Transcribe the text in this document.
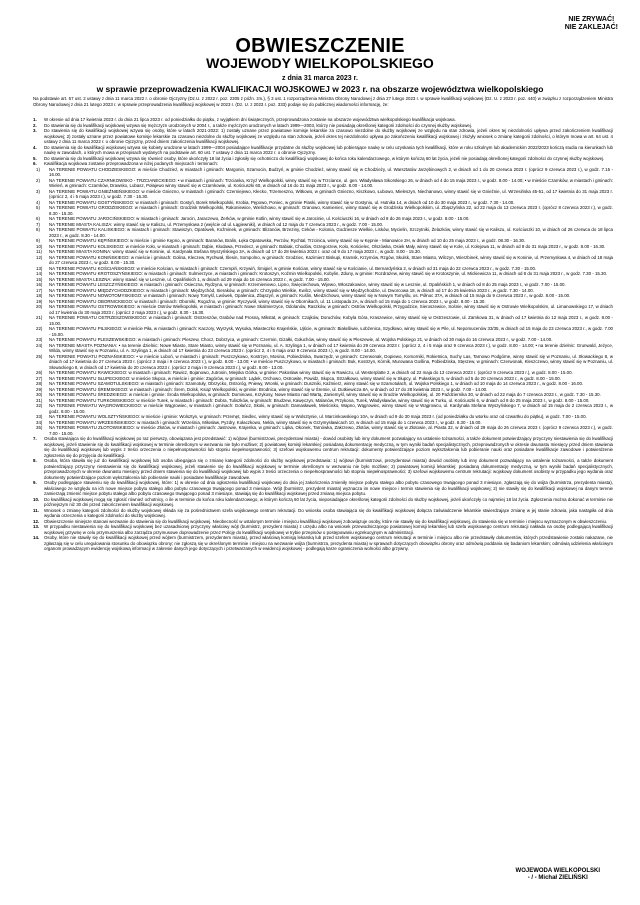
NIE ZRYWAĆ!
NIE ZAKLEJAĆ!
OBWIESZCZENIE
WOJEWODY WIELKOPOLSKIEGO
z dnia 31 marca 2023 r.
w sprawie przeprowadzenia KWALIFIKACJI WOJSKOWEJ w 2023 r. na obszarze województwa wielkopolskiego
Na podstawie art. 57 ust. 2 ustawy z dnia 11 marca 2022 r. o obronie Ojczyzny (Dz.U. z 2022 r. poz. 2305 z późn. zm.), § 3 ust. 1 rozporządzenia Ministra Obrony Narodowej z dnia 27 lutego 2023 r. w sprawie kwalifikacji wojskowej (Dz. U. z 2023 r. poz. 440) w związku z rozporządzeniem Ministra Obrony Narodowej z dnia 21 lutego 2023 r. w sprawie przeprowadzenia kwalifikacji wojskowej w 2023 r. (Dz. U. z 2023 r. poz. 333) podaje się do publicznej wiadomości informację, że:
1.	W okresie od dnia 17 kwietnia 2023 r. do dnia 21 lipca 2023 r. od poniedziałku do piątku, z wyjątkiem dni świątecznych, przeprowadzona zostanie na obszarze województwa wielkopolskiego kwalifikacja wojskowa.
2.	Do stawienia się do kwalifikacji wojskowej wzywa się mężczyzn urodzonych w 2004 r., a także mężczyzn urodzonych w latach 1999—2003, którzy nie posiadają określonej kategorii zdolności do czynnej służby wojskowej.
3.	Do stawienia się do kwalifikacji wojskowej wzywa się osoby, które w latach 2021-2022: 1) zostały uznane przez powiatowe komisje lekarskie za czasowo niezdolne do służby wojskowej ze względu na stan zdrowia, jeżeli okres tej niezdolności upływa przed zakończeniem kwalifikacji wojskowej; 2) zostały uznane przez powiatowe komisje lekarskie za czasowo niezdolne do służby wojskowej ze względu na stan zdrowia, jeżeli okres tej niezdolności upływa po zakończeniu kwalifikacji wojskowej i złożyły wniosek o zmianę kategorii zdolności, o którym mowa w art. 64 ust. 4 ustawy z dnia 11 marca 2022 r. o obronie Ojczyzny, przed dniem zakończenia kwalifikacji wojskowej.
4.	Do stawienia się do kwalifikacji wojskowej wzywa się kobiety urodzone w latach 1999—2004 posiadające kwalifikacje przydatne do służby wojskowej lub pobierające naukę w celu uzyskania tych kwalifikacji, które w roku szkolnym lub akademickim 2022/2023 kończą studia na kierunkach lub naukę w zawodach, o których mowa w przepisach wydanych na podstawie art. 60 ust. 7 ustawy z dnia 11 marca 2022 r. o obronie Ojczyzny.
5.	Do stawienia się do kwalifikacji wojskowej wzywa się również osoby, które ukończyły 18 lat życia i zgłosiły się ochotniczo do kwalifikacji wojskowej do końca roku kalendarzowego, w którym kończą 60 lat życia, jeżeli nie posiadają określonej kategorii zdolności do czynnej służby wojskowej.
6.	Kwalifikacja wojskowa zostanie przeprowadzona w niżej podanych miejscach i terminach:
1)	NA TERENIE POWIATU CHODZIESKIEGO: w mieście Chodzież, w miastach i gminach: Margonin, Szamocin, Budzyń, w gminie Chodzież, winny stawić się w Chodzieży, ul. Warsztatów Jarzębinowych 2, w dniach od 1 do 20 czerwca 2023 r. (oprócz 9 czerwca 2023 r.), w godz. 7.15 - 16.00.
2)	NA TERENIE POWIATU CZARNKOWSKO - TRZCIANECKIEGO: • w miastach i gminach: Trzcianka, Krzyż Wielkopolski, winny stawić się w Trzciance, ul. gen. Władysława Sikorskiego 26, w dniach od 4 do 15 maja 2023 r., w godz. 8.00 - 14.00; • w mieście Czarnków, w miastach i gminach: Wieleń, w gminach: Czarnków, Drawsko, Lubasz, Połajewo winny stawić się w Czarnkowie, ul. Kościuszki 60, w dniach od 16 do 31 maja 2023 r., w godz. 8.00 - 14.00.
3)	NA TERENIE POWIATU GNIEŹNIEŃSKIEGO: w mieście Gniezno, w miastach i gminach: Czerniejewo, Kłecko, Trzemeszno, Witkowo, w gminach Gniezno, Kiszkowo, Łubowo, Mieleszyn, Niechanowo, winny stawić się w Gnieźnie, ul. Wrzesińska 45-51, od 17 kwietnia do 31 maja 2023 r. (oprócz 2, 4 i 5 maja 2023 r.), w godz. 7.30 - 16.30.
4)	NA TERENIE POWIATU GOSTYŃSKIEGO: w miastach i gminach: Gostyń, Borek Wielkopolski, Krobia, Pępowo, Poniec, w gminie Piaski, winny stawić się w Gostyniu, ul. Hutnika 14, w dniach od 10 do 30 maja 2023 r., w godz. 7.30 - 14.00.
5)	NA TERENIE POWIATU GRODZISKIEGO: w miastach i gminach: Grodzisk Wielkopolski, Rakoniewice, Wielichowo, w gminach: Granowo, Kamieniec, winny stawić się w Grodzisku Wielkopolskim, ul. Zbąszyńska 22, od 22 maja do 13 czerwca 2023 r. (oprócz 8 czerwca 2023 r.), w godz. 8.30 - 15.30.
6)	NA TERENIE POWIATU JAROCIŃSKIEGO: w miastach i gminach: Jarocin, Jaraczewo, Żerków, w gminie Kotlin, winny stawić się w Jarocinie, ul. Kościuszki 16, w dniach od 8 do 26 maja 2023 r., w godz. 8.00 - 15.00.
7)	NA TERENIE MIASTA KALISZA: winny stawić się w Kaliszu, ul. Przemysłowa 2 (wejście od ul. Łągiewniki), w dniach od 12 maja do 7 czerwca 2023 r., w godz. 7.00 - 15.00.
8)	NA TERENIE POWIATU KALISKIEGO: w miastach i gminach: Stawiszyn, Opatówek, Koźminek, w gminach: Blizanów, Brzeziny, Ceków - Kolonia, Godziesze Wielkie, Lisków, Mycielin, Szczytniki, Żelazków, winny stawić się w Kaliszu, ul. Kościuszki 10, w dniach od 26 czerwca do 18 lipca 2023 r., w godz. 8.30 - 14.00.
9)	NA TERENIE POWIATU KĘPIŃSKIEGO: w mieście i gminie Kępno, w gminach: Baranów, Bralin, Łęka Opatowska, Perzów, Rychtal, Trzcinica, winny stawić się w Kępnie - Mianowice 2H, w dniach od 10 do 25 maja 2023 r., w godz. 08.30 - 16.30.
10)	NA TERENIE POWIATU KOLSKIEGO: w mieście Koło, w miastach i gminach: Dąbie, Kłodawa, Przedecz, w gminach: Babiak, Chodów, Grzegorzew, Koło, Kościelec, Olszówka, Osiek Mały, winny stawić się w Kole, ul. Kolejowa 11, w dniach od 8 do 31 maja 2023 r., w godz. 8.00 - 16.30.
11)	NA TERENIE MIASTA KONINA: winny stawić się w Koninie, ul. Kardynała Stefana Wyszyńskiego 3A, w dniach od 17 do 28 kwietnia 2023 r. oraz od 9 do 17 maja 2023 r., w godz. 8.00 - 15.30.
12)	NA TERENIE POWIATU KONIŃSKIEGO: w mieście i gminach: Golina, Kleczew, Rychwał, Ślesin, Sompolno, w gminach: Grodziec, Kazimierz Biskupi, Kramsk, Krzymów, Rzgów, Skulsk, Stare Miasto, Wilczyn, Wierzbinek, winny stawić się w Koninie, ul. Przemysłowa 4, w dniach od 18 maja do 27 czerwca 2023 r., w godz. 8.00 - 15.30.
13)	NA TERENIE POWIATU KOŚCIAŃSKIEGO: w mieście Kościan, w miastach i gminach: Czempiń, Krzywiń, Śmigiel, w gminie Kościan, winny stawić się w Kościanie, ul. Bernardyńska 2, w dniach od 31 maja do 22 czerwca 2023 r., w godz. 7.30 - 15.00.
14)	NA TERENIE POWIATU KROTOSZYŃSKIEGO: w miastach i gminach: Sulmierzyce, w miastach i gminach: Krotoszyn, Koźmin Wielkopolski, Kobylin, Zduny, w gminie: Rozdrażew, winny stawić się w Krotoszynie, ul. Mickiewicza 11, w dniach od 8 do 31 maja 2023 r., w godz. 7.30 - 15.30.
15)	NA TERENIE MIASTA LESZNA: winny stawić się w Lesznie, ul. Opalińskich 1, w dniach od 29 maja do 16 czerwca 2023 r., w godz. 7.00 - 15.00.
16)	NA TERENIE POWIATU LESZCZYŃSKIEGO: w miastach i gminach: Osieczna, Rydzyna, w gminach: Krzemieniewo, Lipno, Święciechowa, Wijewo, Włoszakowice, winny stawić się w Lesznie, ul. Opalińskich 1, w dniach od 8 do 25 maja 2023 r., w godz. 7.00 - 15.00.
17)	NA TERENIE POWIATU MIĘDZYCHODZKIEGO: w miastach i gminach: Międzychód, Sieraków, w gminach: Chrzypsko Wielkie, Kwilcz, winny stawić się w Międzychodzie, ul. Dworcowa 18, w dniach od 17 do 25 kwietnia 2023 r., w godz. 7.30 - 14.00.
18)	NA TERENIE POWIATU NOWOTOMYSKIEGO: w miastach i gminach: Nowy Tomyśl, Lwówek, Opalenica, Zbąszyń, w gminach: Kuślin, Miedzichowo, winny stawić się w Nowym Tomyślu, os. Północ 37A, w dniach od 15 maja do 9 czerwca 2023 r., w godz. 8.00 - 15.00.
19)	NA TERENIE POWIATU OBORNICKIEGO: w miastach i gminach: Oborniki, Rogoźno, w gminie: Ryczywół, winny stawić się w Obornikach, ul. 11 Listopada 2A, w dniach od 15 maja do 1 czerwca 2023 r., w godz. 8.00 - 15.30.
20)	NA TERENIE POWIATU OSTROWSKIEGO: w mieście Ostrów Wielkopolski, w miastach i gminach: Nowe Skalmierzyce, Odolanów, Raszków, w gminach: Ostrów Wielkopolski, Przygodzice, Sieroszewice, Sośnie, winny stawić się w Ostrowie Wielkopolskim, ul. Limanowskiego 17, w dniach od 17 kwietnia do 30 maja 2023 r. (oprócz 2 maja 2023 r.), w godz. 8.30 - 16.30.
21)	NA TERENIE POWIATU OSTRZESZOWSKIEGO: w miastach i gminach: Ostrzeszów, Grabów nad Prosną, Mikstat, w gminach: Czajków, Doruchów, Kobyla Góra, Kraszewice, winny stawić się w Ostrzeszowie, ul. Zamkowa 31, w dniach od 17 kwietnia do 12 maja 2023 r., w godz. 8.00 - 15.00.
22)	NA TERENIE POWIATU PILSKIEGO: w mieście Piła, w miastach i gminach: Kaczory, Wyrzysk, Wysoka, Miasteczko Krajeńskie, Ujście, w gminach: Białośliwie, Łobżenica, Szydłowo, winny stawić się w Pile, ul. Nepomucenów 33/35, w dniach od 15 maja do 23 czerwca 2023 r., w godz. 7.00 - 15.00.
23)	NA TERENIE POWIATU PLESZEWSKIEGO: w miastach i gminach: Pleszew, Chocz, Dobrzyca, w gminach: Czermin, Gizałki, Gołuchów, winny stawić się w Pleszewie, al. Wojska Polskiego 21, w dniach od 30 maja do 16 czerwca 2023 r., w godz. 7.00 - 14.00.
24)	NA TERENIE MIASTA POZNANIA: • na terenie dzielnic: Nowe Miasto, Stare Miasto, winny stawić się w Poznaniu, ul. A. Szylinga 1, w dniach od 17 kwietnia do 29 czerwca 2023 r. (oprócz 2, 4 i 5 maja oraz 9 czerwca 2023 r.), w godz. 8.00 - 14.00; • na terenie dzielnic: Grunwald, Jeżyce, Wilda, winny stawić się w Poznaniu, ul. A. Szylinga 1, w dniach od 17 kwietnia do 23 czerwca 2023 r. (oprócz 2, 4 i 5 maja oraz 9 czerwca 2023 r.), w godz. 8.00 - 14.00.
25)	NA TERENIE POWIATU POZNAŃSKIEGO: • w mieście Luboń, w miastach i gminach: Puszczykowo, Kostrzyn, Mosina, Pobiedziska, Swarzędz, w gminach: Czerwonak, Dopiewo, Komorniki, Rokietnica, Suchy Las, Tarnowo Podgórne, winny stawić się w Poznaniu, ul. Słowackiego 8, w dniach od 17 kwietnia do 27 czerwca 2023 r. (oprócz 2 maja i 9 czerwca 2023 r.), w godz. 8.00 - 13.00; • w mieście Puszczykowo, w miastach i gminach: Buk, Kostrzyn, Kórnik, Murowana Goślina, Pobiedziska, Stęszew, w gminach: Czerwonak, Kleszczewo, winny stawić się w Poznaniu, ul. Słowackiego 8, w dniach od 17 kwietnia do 20 czerwca 2023 r. (oprócz 2 maja i 9 czerwca 2023 r.), w godz. 8.00 - 13.00.
26)	NA TERENIE POWIATU RAWICKIEGO: w miastach i gminach: Rawicz, Bojanowo, Jutrosin, Miejska Górka, w gminie: Pakosław winny stawić się w Rawiczu, ul. Westerplatte 2, w dniach od 22 maja do 13 czerwca 2023 r. (oprócz 9 czerwca 2023 r.), w godz. 8.00 - 15.00.
27)	NA TERENIE POWIATU SŁUPECKIEGO: w mieście Słupca, w mieście i gminie: Zagórów, w gminach: Lądek, Orchowo, Ostrowite, Powidz, Słupca, Strzałkowo, winny stawić się w Słupcy, ul. Pułaskiego 5, w dniach od 5 do 20 czerwca 2023 r., w godz. 8.00 - 15.00.
28)	NA TERENIE POWIATU SZAMOTULSKIEGO: w miastach i gminach: Szamotuły, Obrzycko, Ostroróg, Pniewy, Wronki, w gminach: Duszniki, Kaźmierz, winny stawić się w Szamotułach, ul. Wojska Polskiego 1, w dniach od 10 maja do 14 czerwca 2023 r., w godz. 8.00 - 16.00.
29)	NA TERENIE POWIATU ŚREMSKIEGO: w miastach i gminach: Śrem, Dolsk, Książ Wielkopolski, w gminie: Brodnica, winny stawić się w Śremie, ul. Dutkiewicza 8A, w dniach od 17 do 28 kwietnia 2023 r., w godz. 7.00 - 14.00.
30)	NA TERENIE POWIATU ŚREDZKIEGO: w mieście i gminie: Środa Wielkopolska, w gminach: Dominowo, Krzykosy, Nowe Miasto nad Wartą, Zaniemyśl, winny stawić się w Środzie Wielkopolskiej, ul. 20 Października 30, w dniach od 22 maja do 7 czerwca 2023 r., w godz. 7.30 - 15.30.
31)	NA TERENIE POWIATU TURKOWSKIEGO: w mieście Turek, w miastach i gminach: Dobra, Tuliszków, w gminach: Brudzew, Kawęczyn, Malanów, Przykona, Turek, Władysławów, winny stawić się w Turku, ul. Kościuszki 6, w dniach od 8 do 25 maja 2023 r., w godz. 8.00 - 15.00.
32)	NA TERENIE POWIATU WĄGROWIECKIEGO: w mieście Wągrowiec, w miastach i gminach: Gołańcz, Skoki, w gminach: Damasławek, Mieścisko, Wapno, Wągrowiec, winny stawić się w Wągrowcu, ul. Kardynała Stefana Wyszyńskiego 7, w dniach od 15 maja do 2 czerwca 2023 r., w godz. 8.00 - 15.00.
33)	NA TERENIE POWIATU WOLSZTYŃSKIEGO: w mieście i gminie: Wolsztyn, w gminach: Przemęt, Siedlec, winny stawić się w Wolsztynie, ul. Marcinkowskiego 10A, w dniach od 9 do 30 maja 2023 r. (od poniedziałku do wtorku oraz od czwartku do piątku), w godz. 7.00 - 15.00.
34)	NA TERENIE POWIATU WRZESIŃSKIEGO: w miastach i gminach: Września, Miłosław, Pyzdry, Kołaczkowo, Nekla, winny stawić się w Grzymysławicach 10, w dniach od 15 maja do 1 czerwca 2023 r., w godz. 8.30 - 15.00.
35)	NA TERENIE POWIATU ZŁOTOWSKIEGO: w mieście Złotów, w miastach i gminach: Jastrowie, Krajenka, w gminach: Lipka, Okonek, Tarnówka, Zakrzewo, Złotów, winny stawić się w Złotowie, al. Piasta 32, w dniach od 29 maja do 26 czerwca 2023 r. (oprócz 9 czerwca 2023 r.), w godz. 7.00 - 15.00.
7.	Osoba stawiająca się do kwalifikacji wojskowej po raz pierwszy, obowiązana jest przedstawić: 1) wójtowi (burmistrzowi, prezydentowi miasta) - dowód osobisty lub inny dokument pozwalający na ustalenie tożsamości, a także dokument potwierdzający przyczyny niestawienia się do kwalifikacji wojskowej, jeżeli stawienie się do kwalifikacji wojskowej w terminie określonym w wezwaniu nie było możliwe; 2) powiatowej komisji lekarskiej: posiadaną dokumentację medyczną, w tym wyniki badań specjalistycznych, przeprowadzonych w okresie dwunastu miesięcy przed dniem stawienia się do kwalifikacji wojskowej lub wypis z treści orzeczenia o niepełnosprawności lub stopniu niepełnosprawności; 3) szefowi wojskowemu centrum rekrutacji: dokumenty potwierdzające poziom wykształcenia lub pobieranie nauki oraz posiadane kwalifikacje zawodowe i potwierdzenie zgłoszenia się do przyjęcia do kwalifikacji.
8.	Osoba, która stawiła się już do kwalifikacji wojskowej lub osoba ubiegająca się o zmianę kategorii zdolności do służby wojskowej przedstawia: 1) wójtowi (burmistrzowi, prezydentowi miasta) dowód osobisty lub inny dokument pozwalający na ustalenie tożsamości, a także dokument potwierdzający przyczyny niestawienia się do kwalifikacji wojskowej, jeżeli stawienie się do kwalifikacji wojskowej w terminie określonym w wezwaniu nie było możliwe; 2) powiatowej komisji lekarskiej: posiadaną dokumentację medyczną, w tym wyniki badań specjalistycznych, przeprowadzonych w okresie dwunastu miesięcy przed dniem stawienia się do kwalifikacji wojskowej lub wypis z treści orzeczenia o niepełnosprawności lub stopniu niepełnosprawności; 3) szefowi wojskowemu centrum rekrutacji: wojskowy dokument osobisty w przypadku jego wydania oraz dokumenty potwierdzające poziom wykształcenia lub pobieranie nauki i posiadane kwalifikacje zawodowe.
9.	Osoby podlegające stawieniu się do kwalifikacji wojskowej, które: 1) w okresie od dnia ogłoszenia kwalifikacji wojskowej do dnia jej zakończenia zmieniły miejsce pobytu stałego albo pobytu czasowego trwającego ponad 3 miesiące, zgłaszają się do wójta (burmistrza, prezydenta miasta), właściwego ze względu na ich nowe miejsce pobytu stałego albo pobytu czasowego trwającego ponad 3 miesiące. Wójt (burmistrz, prezydent miasta) wyznacza im nowe miejsce i termin stawienia się do kwalifikacji wojskowej; 2) nie stawiły się do kwalifikacji wojskowej na danym terenie zamierzają zmienić miejsce pobytu stałego albo pobytu czasowego trwającego ponad 3 miesiące, stawiają się do kwalifikacji wojskowej przed zmianą miejsca pobytu.
10.	Do kwalifikacji wojskowej mogą się zgłosić również ochotnicy, o ile w terminie do końca roku kalendarzowego, w którym kończą 60 lat życia, nieposiadające określonej kategorii zdolności do służby wojskowej, jeżeli ukończyły co najmniej 18 lat życia. Zgłoszenia można dokonać w terminie nie późniejszym niż 30 dni przed zakończeniem kwalifikacji wojskowej.
11.	Wniosek o zmianę kategorii zdolności do służby wojskowej składa się za pośrednictwem szefa wojskowego centrum rekrutacji. Do wniosku osoba stawiająca się do kwalifikacji wojskowej dołącza zaświadczenie lekarskie stwierdzające zmianę w jej stanie zdrowia, jaka nastąpiła od dnia wydania orzeczenia o kategorii zdolności do służby wojskowej.
12.	Obwieszczenie niniejsze stanowi wezwanie do stawienia się do kwalifikacji wojskowej. Nieobecność w ustalonym terminie i miejscu kwalifikacji wojskowej zobowiązuje osoby, które nie stawiły się do kwalifikacji wojskowej, do stawienia się w terminie i miejscu wyznaczonym w obwieszczeniu.
13.	W przypadku niestawienia się do kwalifikacji wojskowej bez uzasadnionej przyczyny właściwy wójt (burmistrz, prezydent miasta) z urzędu albo na wniosek przewodniczącego powiatowej komisji lekarskiej lub szefa wojskowego centrum rekrutacji nakłada na osobę podlegającą kwalifikacji wojskowej grzywnę w celu przymuszenia albo zarządza przymusowe doprowadzenie przez Policję do kwalifikacji wojskowej w trybie przepisów o postępowaniu egzekucyjnym w administracji.
14.	Osoby, które nie stawiły się do kwalifikacji wojskowej przed wójtem (burmistrzem, prezydentem miasta), przed właściwą komisją lekarską lub przed szefem wojskowego centrum rekrutacji w terminie i miejscu albo nie przedstawiły dokumentów, których przedstawienie zostało nakazane, nie zgłaszają się w celu uregulowania stosunku do obowiązku obrony; nie zgłoszą się w określonym terminie i miejscu na wezwanie wójta (burmistrza, prezydenta miasta) w sprawach dotyczących obowiązku obrony oraz odmówią poddania się badaniom lekarskim; odmówią udzielenia właściwym organom prowadzącym ewidencję wojskową informacji w zakresie danych jego dotyczących i przetwarzanych w ewidencji wojskowej - podlegają karze ograniczenia wolności albo grzywny.
WOJEWODA WIELKOPOLSKI
- / - Michał ZIELIŃSKI
